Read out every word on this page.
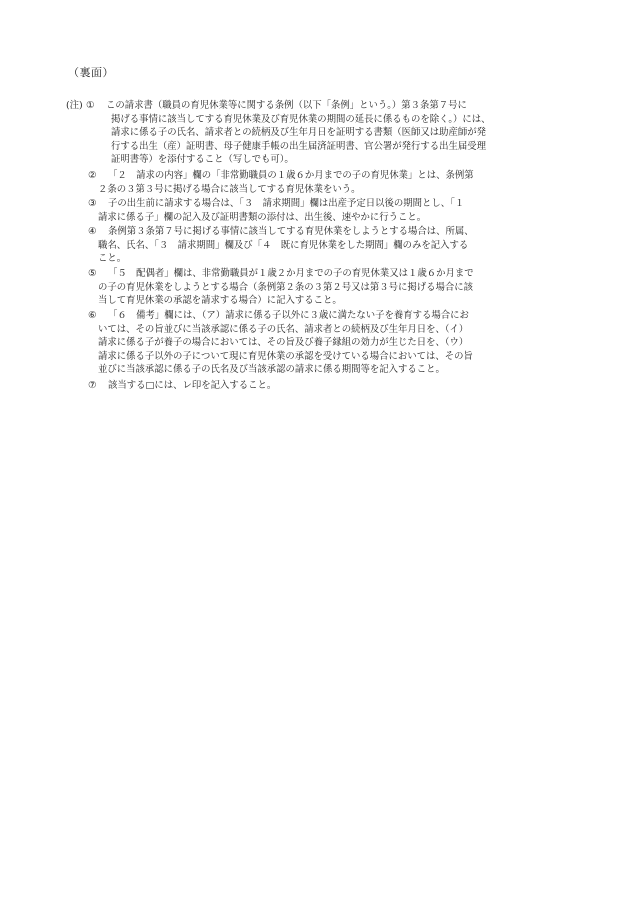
（裏面）
(注) ① この請求書（職員の育児休業等に関する条例（以下「条例」という。）第３条第７号に
掲げる事情に該当してする育児休業及び育児休業の期間の延長に係るものを除く。）には、
請求に係る子の氏名、請求者との続柄及び生年月日を証明する書類（医師又は助産師が発
行する出生（産）証明書、母子健康手帳の出生届済証明書、官公署が発行する出生届受理
証明書等）を添付すること（写しでも可）。
② 「２　請求の内容」欄の「非常勤職員の１歳６か月までの子の育児休業」とは、条例第
２条の３第３号に掲げる場合に該当してする育児休業をいう。
③ 子の出生前に請求する場合は、「３　請求期間」欄は出産予定日以後の期間とし、「１
請求に係る子」欄の記入及び証明書類の添付は、出生後、速やかに行うこと。
④ 条例第３条第７号に掲げる事情に該当してする育児休業をしようとする場合は、所属、
職名、氏名、「３　請求期間」欄及び「４　既に育児休業をした期間」欄のみを記入する
こと。
⑤ 「５　配偶者」欄は、非常勤職員が１歳２か月までの子の育児休業又は１歳６か月まで
の子の育児休業をしようとする場合（条例第２条の３第２号又は第３号に掲げる場合に該
当して育児休業の承認を請求する場合）に記入すること。
⑥ 「６　備考」欄には、（ア）請求に係る子以外に３歳に満たない子を養育する場合にお
いては、その旨並びに当該承認に係る子の氏名、請求者との続柄及び生年月日を、（イ）
請求に係る子が養子の場合においては、その旨及び養子縁組の効力が生じた日を、（ウ）
請求に係る子以外の子について現に育児休業の承認を受けている場合においては、その旨
並びに当該承認に係る子の氏名及び当該承認の請求に係る期間等を記入すること。
⑦ 該当する□には、レ印を記入すること。
